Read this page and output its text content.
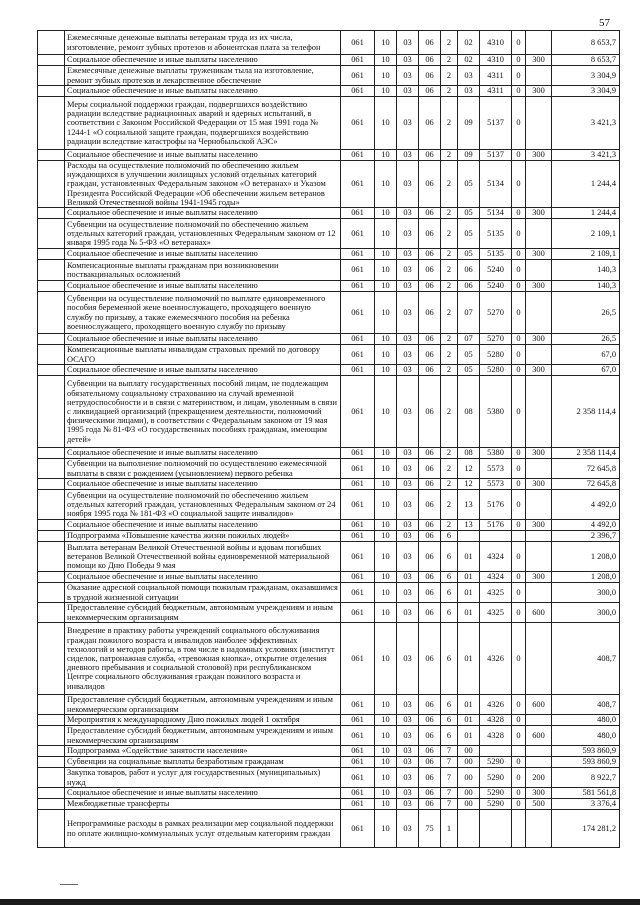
57
	Ежемесячные денежные выплаты ветеранам труда из их числа, изготовление, ремонт зубных протезов и абонентская плата за телефон	061	10	03	06	2	02	4310	0		8 653,7
	Социальное обеспечение и иные выплаты населению	061	10	03	06	2	02	4310	0	300	8 653,7
	Ежемесячные денежные выплаты труженикам тыла на изготовление, ремонт зубных протезов и лекарственное обеспечение	061	10	03	06	2	03	4311	0		3 304,9
	Социальное обеспечение и иные выплаты населению	061	10	03	06	2	03	4311	0	300	3 304,9
	Меры социальной поддержки граждан, подвергшихся воздействию радиации вследствие радиационных аварий и ядерных испытаний, в соответствии с Законом Российской Федерации от 15 мая 1991 года № 1244-1 «О социальной защите граждан, подвергшихся воздействию радиации вследствие катастрофы на Чернобыльской АЭС»	061	10	03	06	2	09	5137	0		3 421,3
	Социальное обеспечение и иные выплаты населению	061	10	03	06	2	09	5137	0	300	3 421,3
	Расходы на осуществление полномочий по обеспечению жильем нуждающихся в улучшении жилищных условий отдельных категорий граждан, установленных Федеральным законом «О ветеранах» и Указом Президента Российской Федерации «Об обеспечении жильем ветеранов Великой Отечественной войны 1941-1945 годы»	061	10	03	06	2	05	5134	0		1 244,4
	Социальное обеспечение и иные выплаты населению	061	10	03	06	2	05	5134	0	300	1 244,4
	Субвенции на осуществление полномочий по обеспечению жильем отдельных категорий граждан, установленных Федеральным законом от 12 января 1995 года № 5-ФЗ «О ветеранах»	061	10	03	06	2	05	5135	0		2 109,1
	Социальное обеспечение и иные выплаты населению	061	10	03	06	2	05	5135	0	300	2 109,1
	Компенсационные выплаты гражданам при возникновении поствакцинальных осложнений	061	10	03	06	2	06	5240	0		140,3
	Социальное обеспечение и иные выплаты населению	061	10	03	06	2	06	5240	0	300	140,3
	Субвенции на осуществление полномочий по выплате единовременного пособия беременной жене военнослужащего, проходящего военную службу по призыву, а также ежемесячного пособия на ребенка военнослужащего, проходящего военную службу по призыву	061	10	03	06	2	07	5270	0		26,5
	Социальное обеспечение и иные выплаты населению	061	10	03	06	2	07	5270	0	300	26,5
	Компенсационные выплаты инвалидам страховых премий по договору ОСАГО	061	10	03	06	2	05	5280	0		67,0
	Социальное обеспечение и иные выплаты населению	061	10	03	06	2	05	5280	0	300	67,0
	Субвенции на выплату государственных пособий лицам, не подлежащим обязательному социальному страхованию на случай временной нетрудоспособности и в связи с материнством, и лицам, уволенным в связи с ликвидацией организаций (прекращением деятельности, полномочий физическими лицами), в соответствии с Федеральным законом от 19 мая 1995 года № 81-ФЗ «О государственных пособиях гражданам, имеющим детей»	061	10	03	06	2	08	5380	0		2 358 114,4
	Социальное обеспечение и иные выплаты населению	061	10	03	06	2	08	5380	0	300	2 358 114,4
	Субвенции на выполнение полномочий по осуществлению ежемесячной выплаты в связи с рождением (усыновлением) первого ребенка	061	10	03	06	2	12	5573	0		72 645,8
	Социальное обеспечение и иные выплаты населению	061	10	03	06	2	12	5573	0	300	72 645,8
	Субвенции на осуществление полномочий по обеспечению жильем отдельных категорий граждан, установленных Федеральным законом от 24 ноября 1995 года № 181-ФЗ «О социальной защите инвалидов»	061	10	03	06	2	13	5176	0		4 492,0
	Социальное обеспечение и иные выплаты населению	061	10	03	06	2	13	5176	0	300	4 492,0
	Подпрограмма «Повышение качества жизни пожилых людей»	061	10	03	06	6					2 396,7
	Выплата ветеранам Великой Отечественной войны и вдовам погибших ветеранов Великой Отечественной войны единовременной материальной помощи ко Дню Победы 9 мая	061	10	03	06	6	01	4324	0		1 208,0
	Социальное обеспечение и иные выплаты населению	061	10	03	06	6	01	4324	0	300	1 208,0
	Оказание адресной социальной помощи пожилым гражданам, оказавшимся в трудной жизненной ситуации	061	10	03	06	6	01	4325	0		300,0
	Предоставление субсидий бюджетным, автономным учреждениям и иным некоммерческим организациям	061	10	03	06	6	01	4325	0	600	300,0
	Внедрение в практику работы учреждений социального обслуживания граждан пожилого возраста и инвалидов наиболее эффективных технологий и методов работы, в том числе в надомных условиях (институт сиделок, патронажная служба, «тревожная кнопка», открытие отделения дневного пребывания и социальной столовой) при республиканском Центре социального обслуживания граждан пожилого возраста и инвалидов	061	10	03	06	6	01	4326	0		408,7
	Предоставление субсидий бюджетным, автономным учреждениям и иным некоммерческим организациям	061	10	03	06	6	01	4326	0	600	408,7
	Мероприятия к международному Дню пожилых людей 1 октября	061	10	03	06	6	01	4328	0		480,0
	Предоставление субсидий бюджетным, автономным учреждениям и иным некоммерческим организациям	061	10	03	06	6	01	4328	0	600	480,0
	Подпрограмма «Содействие занятости населения»	061	10	03	06	7	00				593 860,9
	Субвенции на социальные выплаты безработным гражданам	061	10	03	06	7	00	5290	0		593 860,9
	Закупка товаров, работ и услуг для государственных (муниципальных) нужд	061	10	03	06	7	00	5290	0	200	8 922,7
	Социальное обеспечение и иные выплаты населению	061	10	03	06	7	00	5290	0	300	581 561,8
	Межбюджетные трансферты	061	10	03	06	7	00	5290	0	500	3 376,4
	Непрограммные расходы в рамках реализации мер социальной поддержки по оплате жилищно-коммунальных услуг отдельным категориям граждан	061	10	03	75	1					174 281,2
